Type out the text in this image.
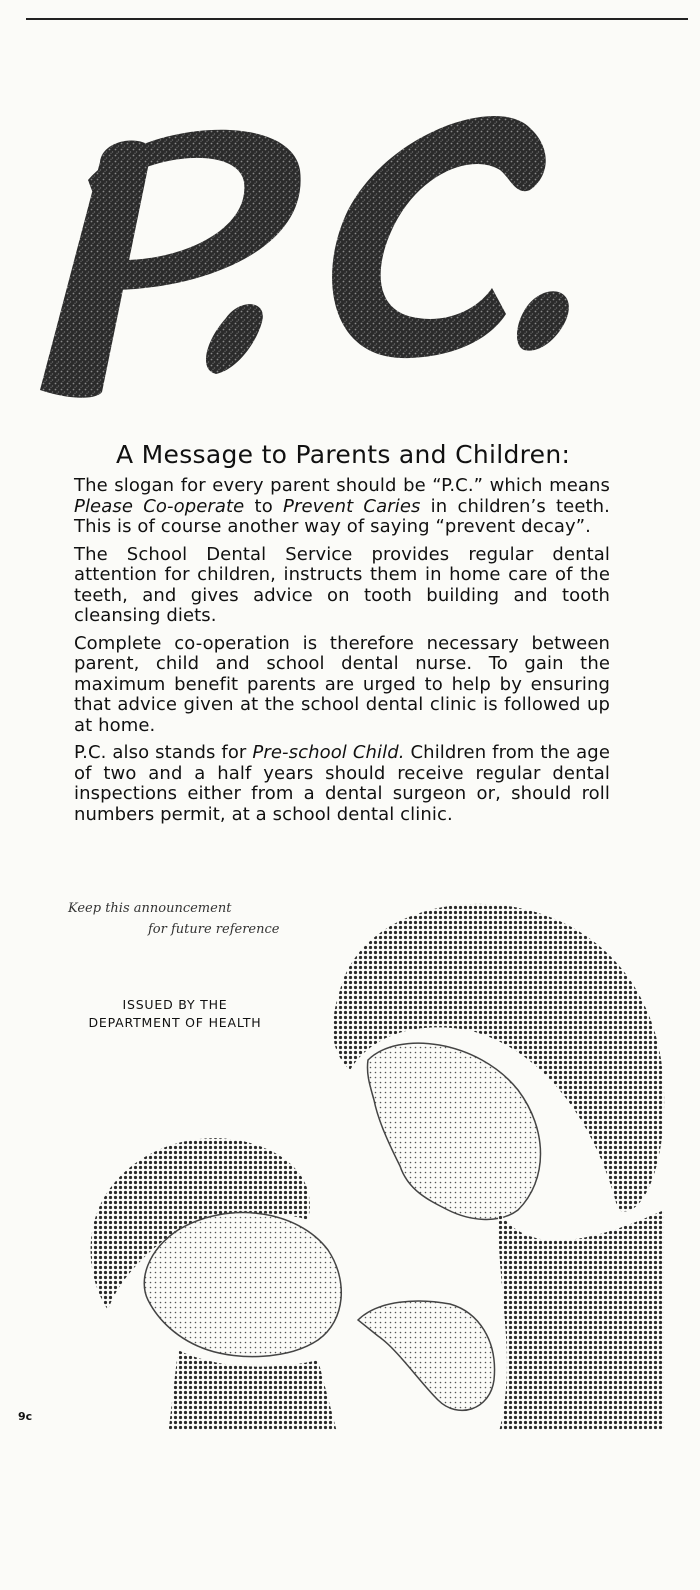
A Message to Parents and Children:

The slogan for every parent should be “P.C.” which means Please Co-operate to Prevent Caries in children’s teeth. This is of course another way of saying “prevent decay”.

The School Dental Service provides regular dental attention for children, instructs them in home care of the teeth, and gives advice on tooth building and tooth cleansing diets.

Complete co-operation is therefore necessary between parent, child and school dental nurse. To gain the maximum benefit parents are urged to help by ensuring that advice given at the school dental clinic is followed up at home.

P.C. also stands for Pre-school Child. Children from the age of two and a half years should receive regular dental inspections either from a dental surgeon or, should roll numbers permit, at a school dental clinic.

Keep this announcement
for future reference
ISSUED BY THE
DEPARTMENT OF HEALTH
9c
